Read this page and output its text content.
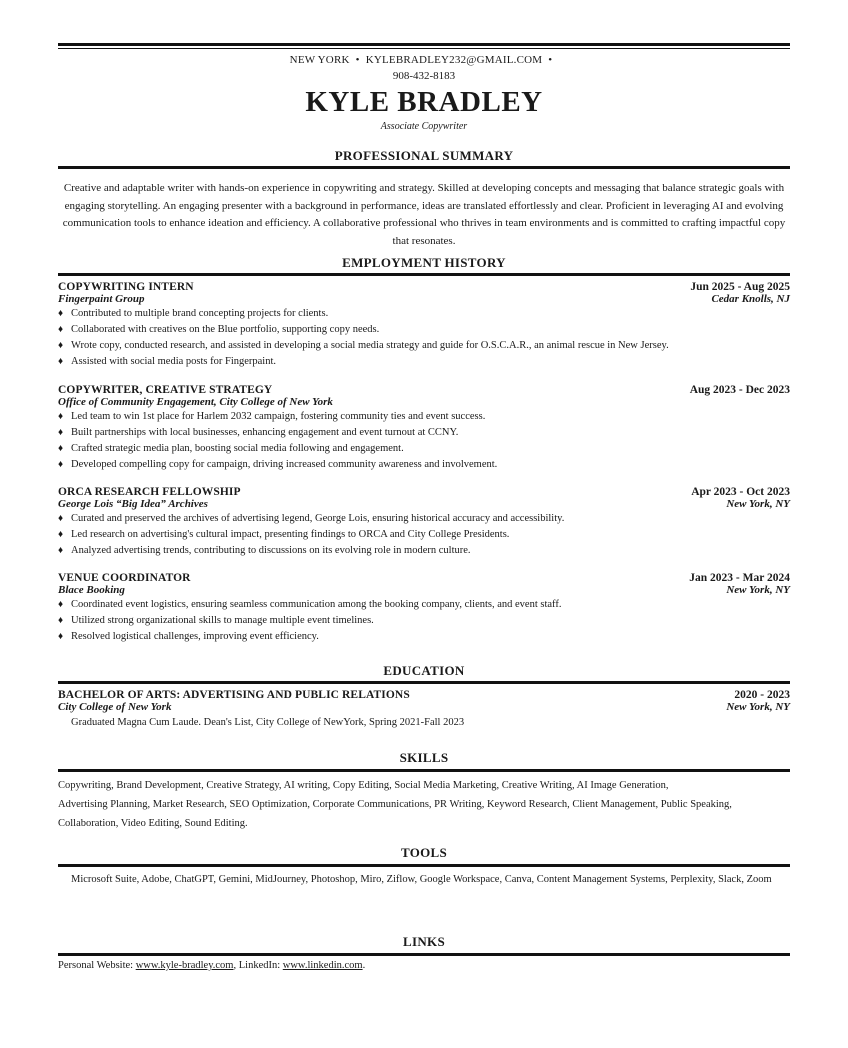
NEW YORK • KYLEBRADLEY232@GMAIL.COM •
908-432-8183
KYLE BRADLEY
Associate Copywriter
PROFESSIONAL SUMMARY
Creative and adaptable writer with hands-on experience in copywriting and strategy. Skilled at developing concepts and messaging that balance strategic goals with engaging storytelling. An engaging presenter with a background in performance, ideas are translated effortlessly and clear. Proficient in leveraging AI and evolving communication tools to enhance ideation and efficiency. A collaborative professional who thrives in team environments and is committed to crafting impactful copy that resonates.
EMPLOYMENT HISTORY
COPYWRITING INTERN	Jun 2025 - Aug 2025
Fingerpaint Group	Cedar Knolls, NJ
♦ Contributed to multiple brand concepting projects for clients.
♦ Collaborated with creatives on the Blue portfolio, supporting copy needs.
♦ Wrote copy, conducted research, and assisted in developing a social media strategy and guide for O.S.C.A.R., an animal rescue in New Jersey.
♦ Assisted with social media posts for Fingerpaint.
COPYWRITER, CREATIVE STRATEGY	Aug 2023 - Dec 2023
Office of Community Engagement, City College of New York
♦ Led team to win 1st place for Harlem 2032 campaign, fostering community ties and event success.
♦ Built partnerships with local businesses, enhancing engagement and event turnout at CCNY.
♦ Crafted strategic media plan, boosting social media following and engagement.
♦ Developed compelling copy for campaign, driving increased community awareness and involvement.
ORCA RESEARCH FELLOWSHIP	Apr 2023 - Oct 2023
George Lois “Big Idea” Archives	New York, NY
♦ Curated and preserved the archives of advertising legend, George Lois, ensuring historical accuracy and accessibility.
♦ Led research on advertising's cultural impact, presenting findings to ORCA and City College Presidents.
♦ Analyzed advertising trends, contributing to discussions on its evolving role in modern culture.
VENUE COORDINATOR	Jan 2023 - Mar 2024
Blace Booking	New York, NY
♦ Coordinated event logistics, ensuring seamless communication among the booking company, clients, and event staff.
♦ Utilized strong organizational skills to manage multiple event timelines.
♦ Resolved logistical challenges, improving event efficiency.
EDUCATION
BACHELOR OF ARTS: ADVERTISING AND PUBLIC RELATIONS	2020 - 2023
City College of New York	New York, NY
Graduated Magna Cum Laude. Dean's List, City College of NewYork, Spring 2021-Fall 2023
SKILLS
Copywriting, Brand Development, Creative Strategy, AI writing, Copy Editing, Social Media Marketing, Creative Writing, AI Image Generation,
Advertising Planning, Market Research, SEO Optimization, Corporate Communications, PR Writing, Keyword Research, Client Management, Public Speaking,
Collaboration, Video Editing, Sound Editing.
TOOLS
Microsoft Suite, Adobe, ChatGPT, Gemini, MidJourney, Photoshop, Miro, Ziflow, Google Workspace, Canva, Content Management Systems, Perplexity, Slack, Zoom
LINKS
Personal Website: www.kyle-bradley.com, LinkedIn: www.linkedin.com.
